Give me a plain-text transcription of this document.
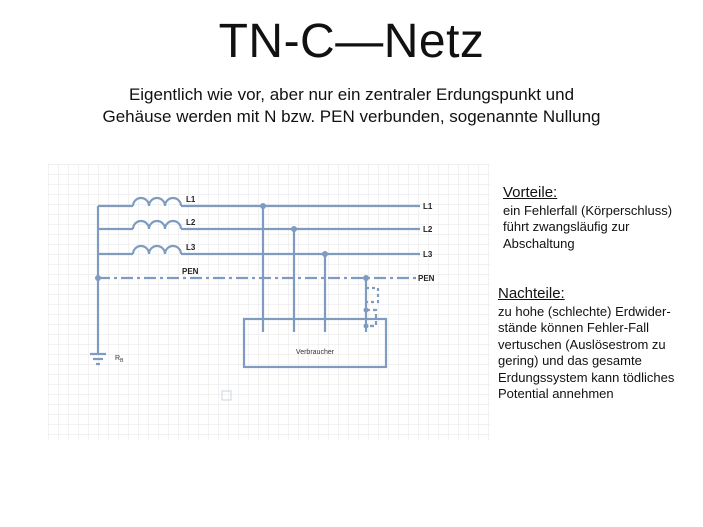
TN-C—Netz
Eigentlich wie vor, aber nur ein zentraler Erdungspunkt und
Gehäuse werden mit N bzw. PEN verbunden, sogenannte Nullung
L1
L2
L3
PEN
L1
L2
L3
PEN
Verbraucher
$R_B$
Vorteile:
ein Fehlerfall (Körperschluss)
führt zwangsläufig zur
Abschaltung
Nachteile:
zu hohe (schlechte) Erdwider-
stände können Fehler-Fall
vertuschen (Auslösestrom zu
gering) und das gesamte
Erdungssystem kann tödliches
Potential annehmen
